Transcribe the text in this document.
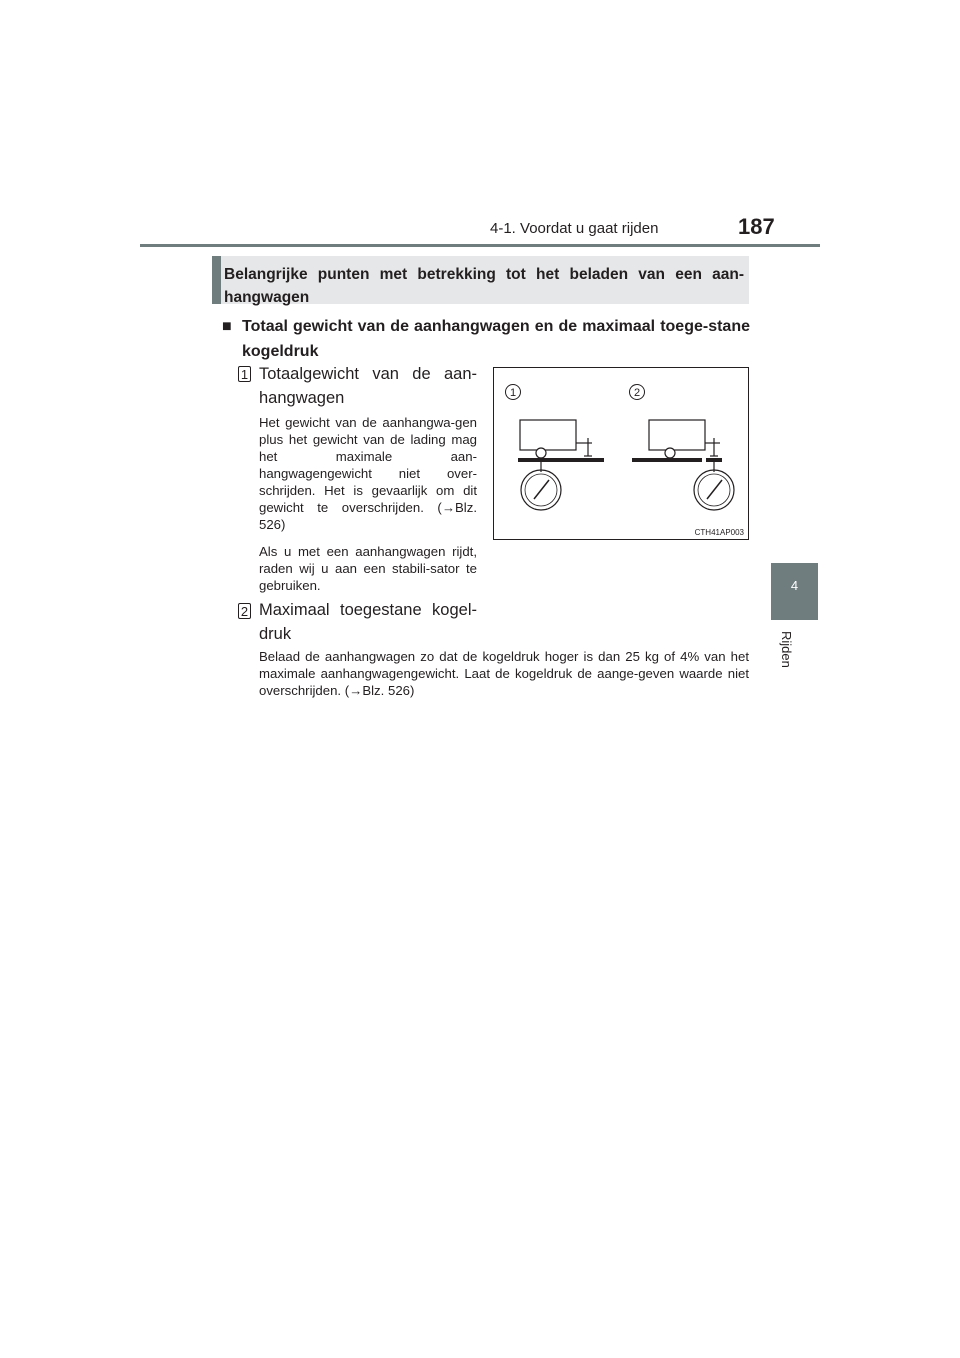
4-1. Voordat u gaat rijden	187
4
Rijden
Belangrijke punten met betrekking tot het beladen van een aan-hangwagen
■ Totaal gewicht van de aanhangwagen en de maximaal toege-stane kogeldruk
1 Totaalgewicht van de aan-hangwagen
Het gewicht van de aanhangwa-gen plus het gewicht van de lading mag het maximale aan-hangwagengewicht niet over-schrijden. Het is gevaarlijk om dit gewicht te overschrijden. (→Blz. 526)
Als u met een aanhangwagen rijdt, raden wij u aan een stabili-sator te gebruiken.
2 Maximaal toegestane kogel-druk
Belaad de aanhangwagen zo dat de kogeldruk hoger is dan 25 kg of 4% van het maximale aanhangwagengewicht. Laat de kogeldruk de aange-geven waarde niet overschrijden. (→Blz. 526)
1	2
CTH41AP003
